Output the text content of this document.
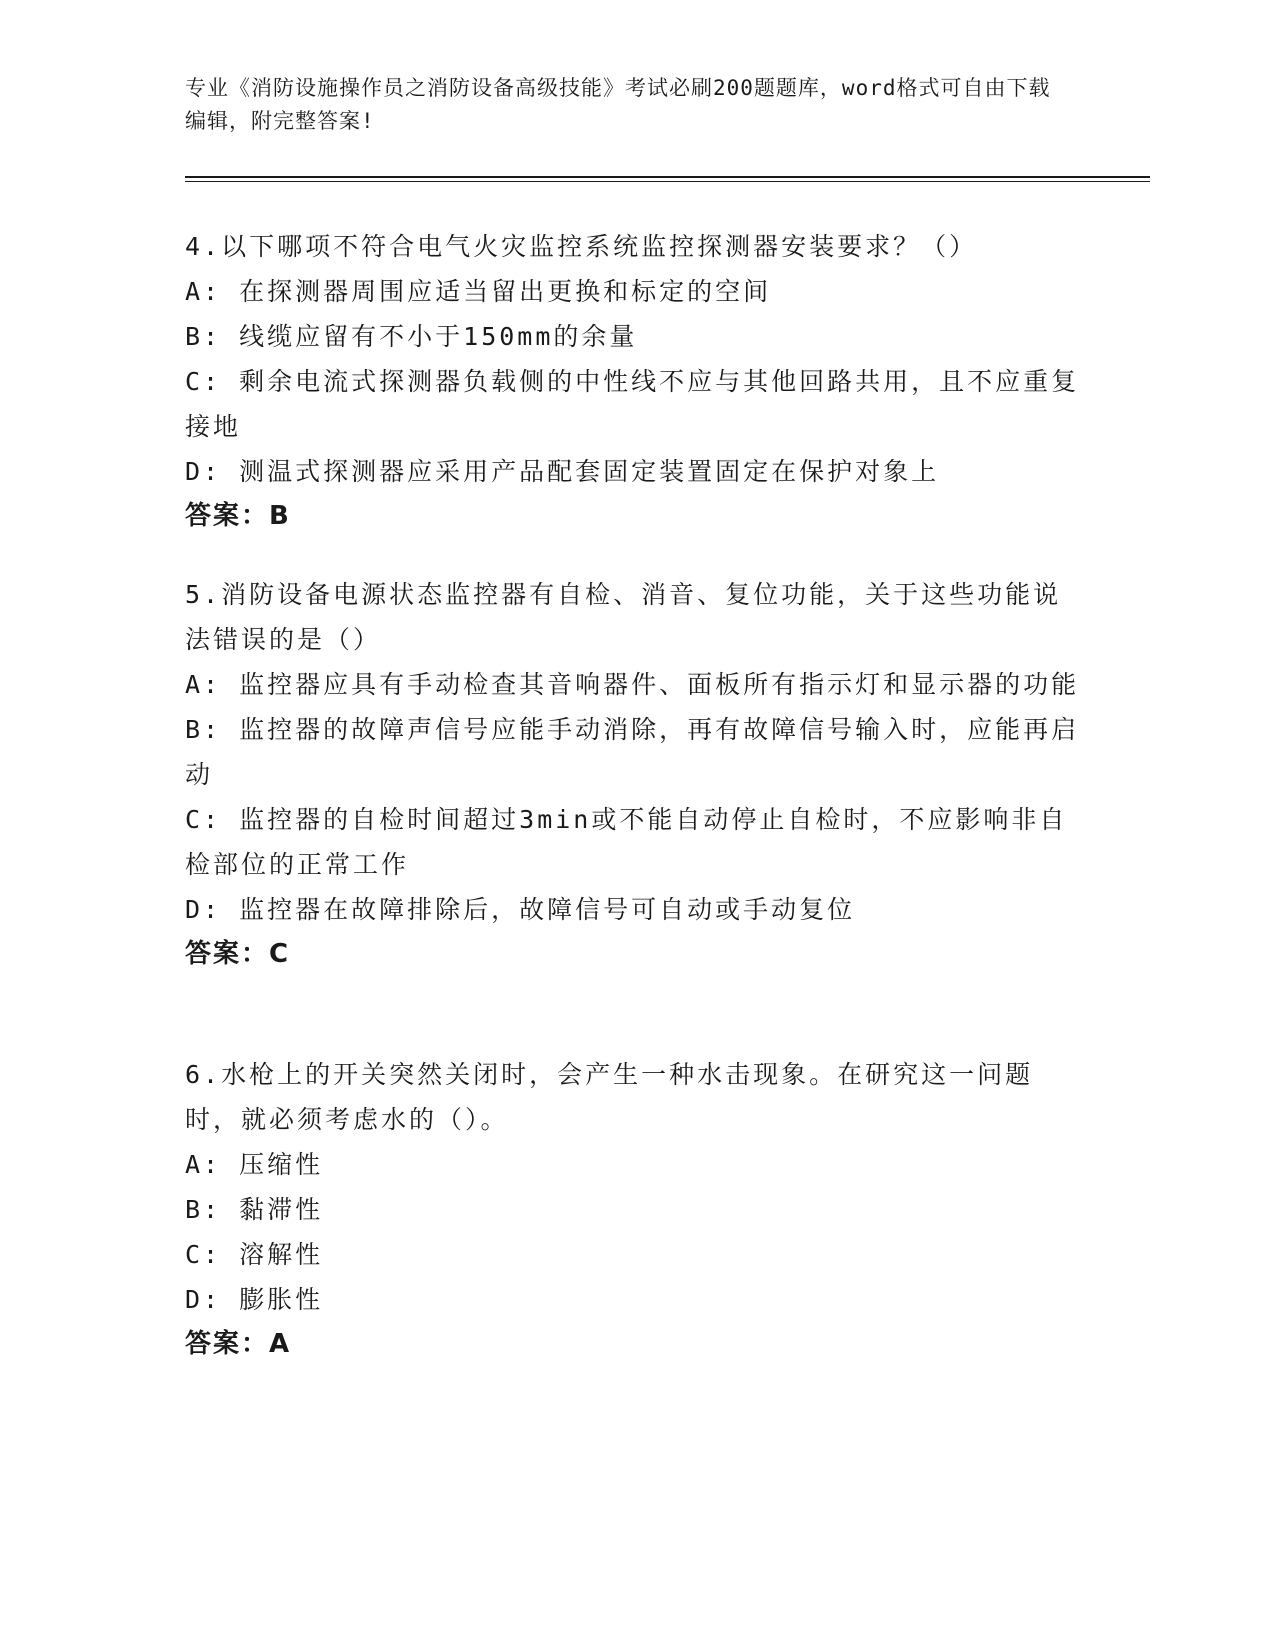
专业《消防设施操作员之消防设备高级技能》考试必刷200题题库，word格式可自由下载编辑，附完整答案!
4.以下哪项不符合电气火灾监控系统监控探测器安装要求？（）
A: 在探测器周围应适当留出更换和标定的空间
B: 线缆应留有不小于150mm的余量
C: 剩余电流式探测器负载侧的中性线不应与其他回路共用，且不应重复接地
D: 测温式探测器应采用产品配套固定装置固定在保护对象上
答案：B
5.消防设备电源状态监控器有自检、消音、复位功能，关于这些功能说法错误的是（）
A: 监控器应具有手动检查其音响器件、面板所有指示灯和显示器的功能
B: 监控器的故障声信号应能手动消除，再有故障信号输入时，应能再启动
C: 监控器的自检时间超过3min或不能自动停止自检时，不应影响非自检部位的正常工作
D: 监控器在故障排除后，故障信号可自动或手动复位
答案：C
6.水枪上的开关突然关闭时，会产生一种水击现象。在研究这一问题时，就必须考虑水的（）。
A: 压缩性
B: 黏滞性
C: 溶解性
D: 膨胀性
答案：A
